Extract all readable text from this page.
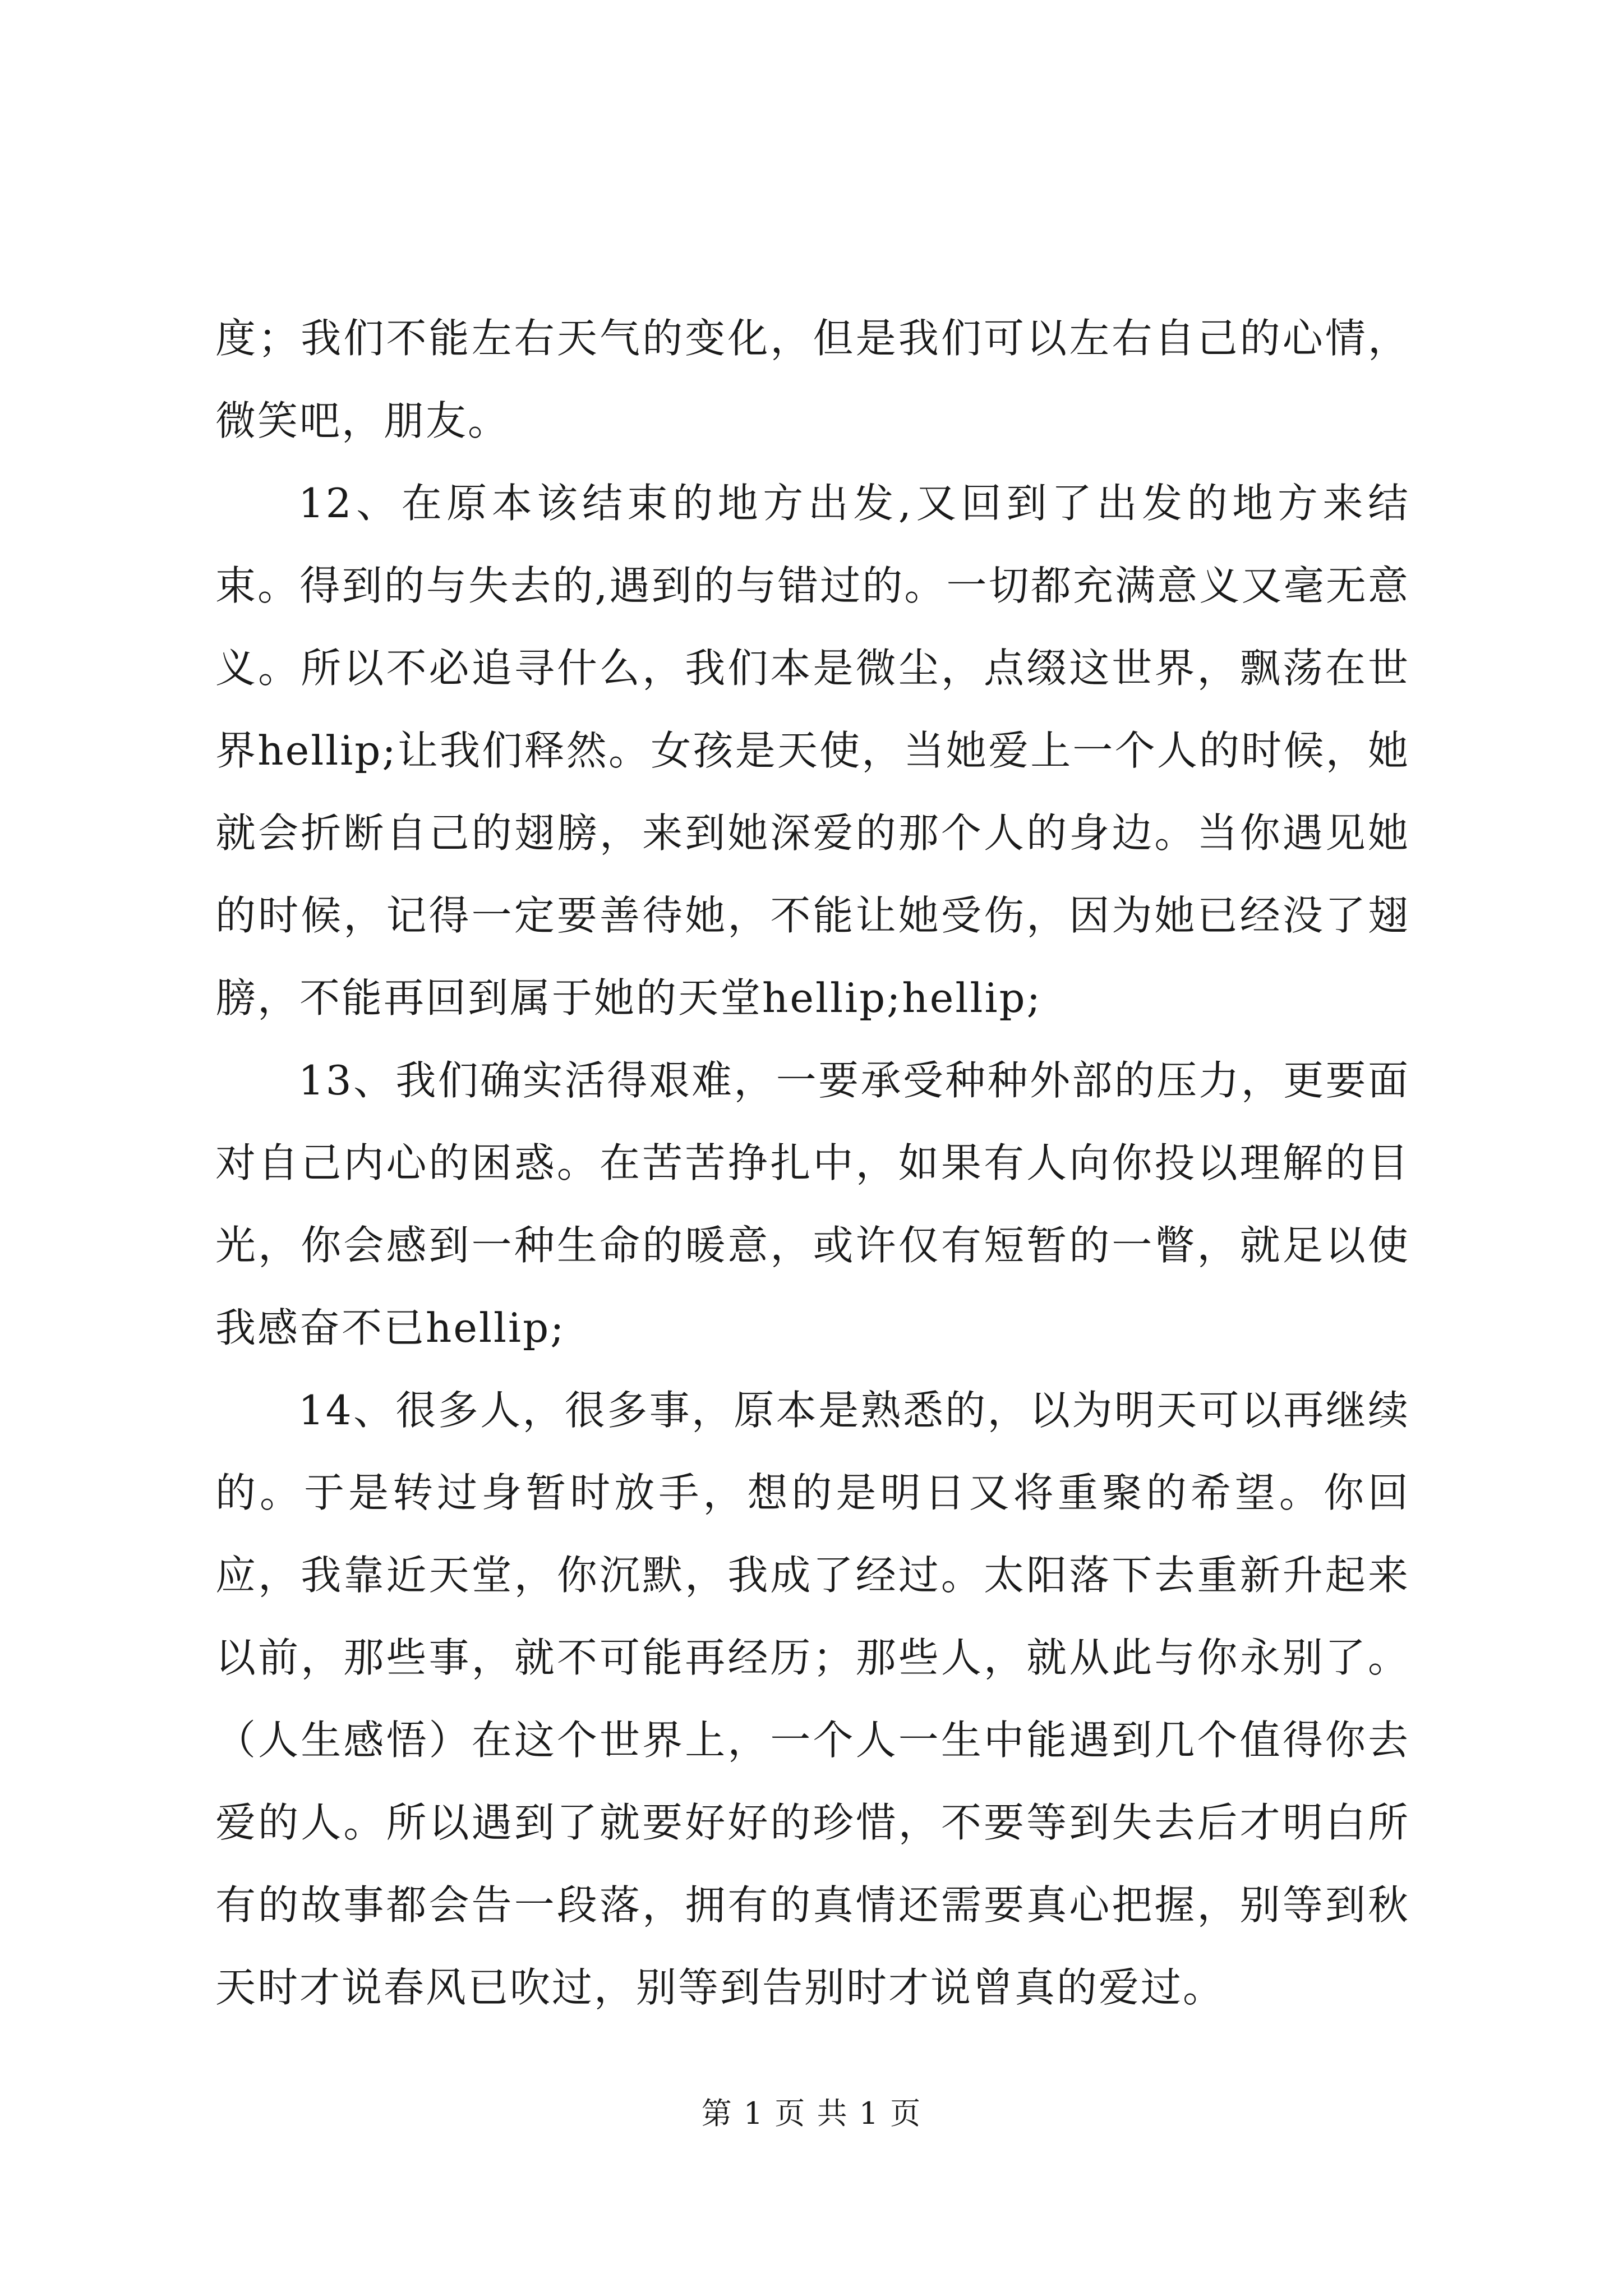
度；我们不能左右天气的变化，但是我们可以左右自己的心情，微笑吧，朋友。

12、在原本该结束的地方出发,又回到了出发的地方来结束。得到的与失去的,遇到的与错过的。一切都充满意义又毫无意义。所以不必追寻什么，我们本是微尘，点缀这世界，飘荡在世界hellip;让我们释然。女孩是天使，当她爱上一个人的时候，她就会折断自己的翅膀，来到她深爱的那个人的身边。当你遇见她的时候，记得一定要善待她，不能让她受伤，因为她已经没了翅膀，不能再回到属于她的天堂hellip;hellip;

13、我们确实活得艰难，一要承受种种外部的压力，更要面对自己内心的困惑。在苦苦挣扎中，如果有人向你投以理解的目光，你会感到一种生命的暖意，或许仅有短暂的一瞥，就足以使我感奋不已hellip;

14、很多人，很多事，原本是熟悉的，以为明天可以再继续的。于是转过身暂时放手，想的是明日又将重聚的希望。你回应，我靠近天堂，你沉默，我成了经过。太阳落下去重新升起来以前，那些事，就不可能再经历；那些人，就从此与你永别了。（人生感悟）在这个世界上，一个人一生中能遇到几个值得你去爱的人。所以遇到了就要好好的珍惜，不要等到失去后才明白所有的故事都会告一段落，拥有的真情还需要真心把握，别等到秋天时才说春风已吹过，别等到告别时才说曾真的爱过。

第 1 页 共 1 页
